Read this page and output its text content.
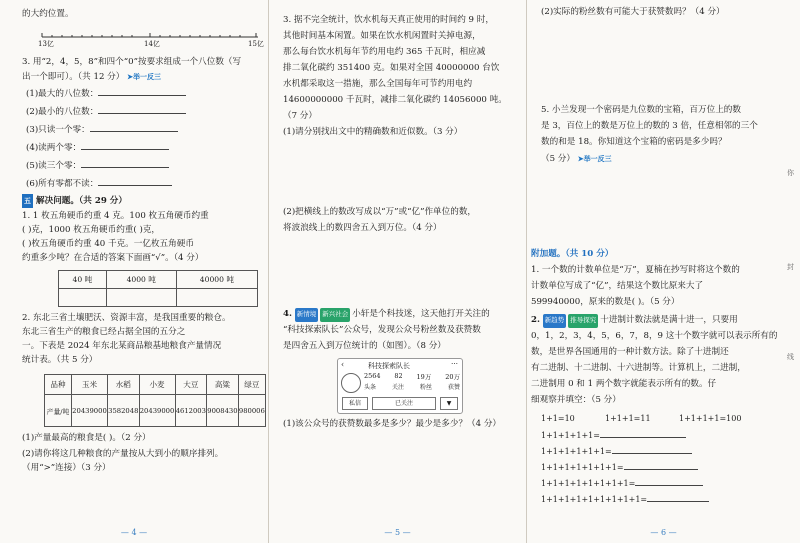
的大约位置。
13亿	14亿	15亿
3. 用“2，4，5，8”和四个“0”按要求组成一个八位数（写
出一个即可）。（共 12 分） ➤举一反三
(1)最大的八位数：
(2)最小的八位数：
(3)只读一个零：
(4)读两个零：
(5)读三个零：
(6)所有零都不读：
五 解决问题。（共 29 分）
1. 1 枚五角硬币约重 4 克。100 枚五角硬币约重
( )克，1000 枚五角硬币约重( )克，
( )枚五角硬币约重 40 千克。一亿枚五角硬币
约重多少吨？在合适的答案下面画“√”。（4 分）
40 吨	4000 吨	40000 吨

2. 东北三省土壤肥沃、资源丰富，是我国重要的粮仓。
东北三省生产的粮食已经占据全国的五分之
一。下表是 2024 年东北某商品粮基地粮食产量情况
统计表。（共 5 分）
品种	玉米	水稻	小麦	大豆	高粱	绿豆
产量/吨	20439000	3582048	20439000	4612003	9008430	980006
(1)产量最高的粮食是( )。（2 分）
(2)请你将这几种粮食的产量按从大到小的顺序排列。
（用“>”连接）（3 分）
— 4 —
3. 据不完全统计，饮水机每天真正使用的时间约 9 时，
其他时间基本闲置。如果在饮水机闲置时关掉电源，
那么每台饮水机每年节约用电约 365 千瓦时，相应减
排二氧化碳约 351400 克。如果对全国 40000000 台饮
水机都采取这一措施，那么全国每年可节约用电约
14600000000 千瓦时，减排二氧化碳约 14056000 吨。
（7 分）
(1)请分别找出文中的精确数和近似数。（3 分）
(2)把横线上的数改写成以“万”或“亿”作单位的数，
将波浪线上的数四舍五入到万位。（4 分）
4. 新情境 新兴社会 小轩是个科技迷，这天他打开关注的
“科技探索队长”公众号，发现公众号粉丝数及获赞数
是四舍五入到万位统计的（如图）。（8 分）
‹	科技探索队长	⋯
2564 82 19万 20万
头条	关注	粉丝	获赞
私信	已关注	▼
(1)该公众号的获赞数最多是多少？最少是多少？（4 分）
— 5 —
(2)实际的粉丝数有可能大于获赞数吗？（4 分）
5. 小兰发现一个密码是九位数的宝箱，百万位上的数
是 3，百位上的数是万位上的数的 3 倍，任意相邻的三个
数的和是 18。你知道这个宝箱的密码是多少吗？
（5 分） ➤举一反三
附加题。（共 10 分）
1. 一个数的计数单位是“万”，夏楠在抄写时将这个数的
计数单位写成了“亿”，结果这个数比原来大了
599940000，原来的数是( )。（5 分）
2. 新趋势 推导探究 十进制计数法就是满十进一，只要用
0，1，2，3，4，5，6，7，8，9 这十个数字就可以表示所有的
数，是世界各国通用的一种计数方法。除了十进制还
有二进制、十二进制、十六进制等。计算机上，二进制，
二进制用 0 和 1 两个数字就能表示所有的数。仔
细观察并填空：（5 分）
1+1=10	1+1+1=11	1+1+1+1=100
1+1+1+1+1=
1+1+1+1+1+1=
1+1+1+1+1+1+1=
1+1+1+1+1+1+1+1=
1+1+1+1+1+1+1+1+1=
你
封
线
— 6 —
